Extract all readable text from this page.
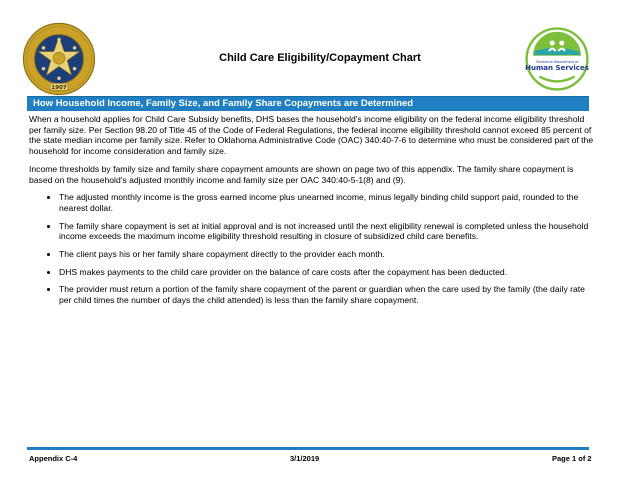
1907
Child Care Eligibility/Copayment Chart	Oklahoma Department of
Human Services
How Household Income, Family Size, and Family Share Copayments are Determined

When a household applies for Child Care Subsidy benefits, DHS bases the household's income eligibility on the federal income eligibility threshold per family size. Per Section 98.20 of Title 45 of the Code of Federal Regulations, the federal income eligibility threshold cannot exceed 85 percent of the state median income per family size. Refer to Oklahoma Administrative Code (OAC) 340:40-7-6 to determine who must be considered part of the household for income consideration and family size.

Income thresholds by family size and family share copayment amounts are shown on page two of this appendix. The family share copayment is based on the household's adjusted monthly income and family size per OAC 340:40-5-1(8) and (9).

• The adjusted monthly income is the gross earned income plus unearned income, minus legally binding child support paid, rounded to the nearest dollar.
• The family share copayment is set at initial approval and is not increased until the next eligibility renewal is completed unless the household income exceeds the maximum income eligibility threshold resulting in closure of subsidized child care benefits.
• The client pays his or her family share copayment directly to the provider each month.
• DHS makes payments to the child care provider on the balance of care costs after the copayment has been deducted.
• The provider must return a portion of the family share copayment of the parent or guardian when the care used by the family (the daily rate per child times the number of days the child attended) is less than the family share copayment.
Appendix C-4	3/1/2019	Page 1 of 2
